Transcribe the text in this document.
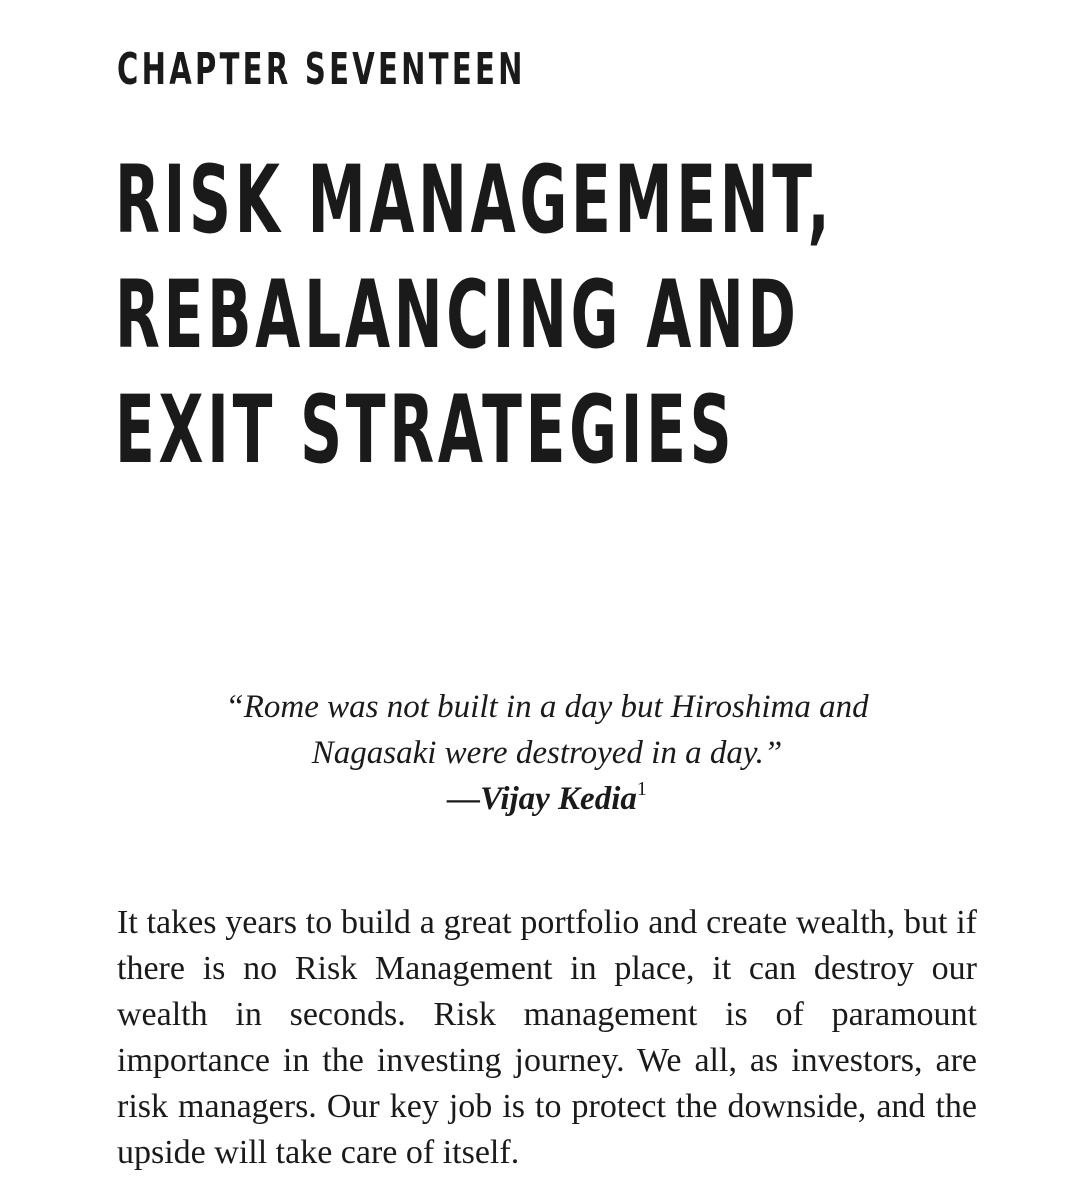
CHAPTER SEVENTEEN
RISK MANAGEMENT,
REBALANCING AND
EXIT STRATEGIES
“Rome was not built in a day but Hiroshima and
Nagasaki were destroyed in a day.”
—Vijay Kedia$^1$

It takes years to build a great portfolio and create wealth, but if there is no Risk Management in place, it can destroy our wealth in seconds. Risk management is of paramount importance in the investing journey. We all, as investors, are risk managers. Our key job is to protect the downside, and the upside will take care of itself.
